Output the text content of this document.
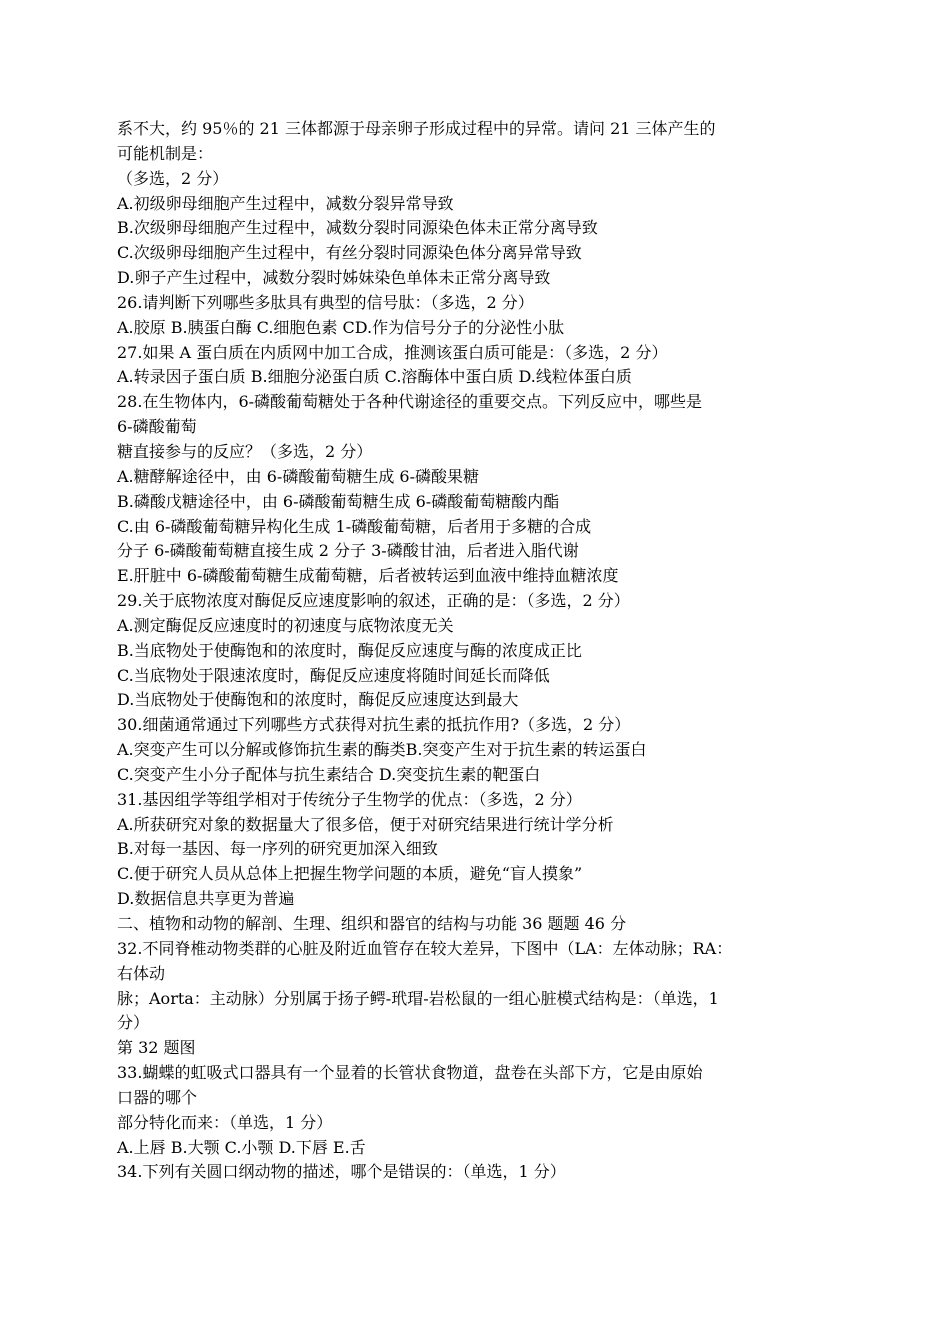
系不大，约 95％的 21 三体都源于母亲卵子形成过程中的异常。请问 21 三体产生的
可能机制是：
（多选，2 分）
A.初级卵母细胞产生过程中，减数分裂异常导致
B.次级卵母细胞产生过程中，减数分裂时同源染色体未正常分离导致
C.次级卵母细胞产生过程中，有丝分裂时同源染色体分离异常导致
D.卵子产生过程中，减数分裂时姊妹染色单体未正常分离导致
26.请判断下列哪些多肽具有典型的信号肽：（多选，2 分）
A.胶原 B.胰蛋白酶 C.细胞色素 CD.作为信号分子的分泌性小肽
27.如果 A 蛋白质在内质网中加工合成，推测该蛋白质可能是：（多选，2 分）
A.转录因子蛋白质 B.细胞分泌蛋白质 C.溶酶体中蛋白质 D.线粒体蛋白质
28.在生物体内，6-磷酸葡萄糖处于各种代谢途径的重要交点。下列反应中，哪些是
6-磷酸葡萄
糖直接参与的反应？（多选，2 分）
A.糖酵解途径中，由 6-磷酸葡萄糖生成 6-磷酸果糖
B.磷酸戊糖途径中，由 6-磷酸葡萄糖生成 6-磷酸葡萄糖酸内酯
C.由 6-磷酸葡萄糖异构化生成 1-磷酸葡萄糖，后者用于多糖的合成
分子 6-磷酸葡萄糖直接生成 2 分子 3-磷酸甘油，后者进入脂代谢
E.肝脏中 6-磷酸葡萄糖生成葡萄糖，后者被转运到血液中维持血糖浓度
29.关于底物浓度对酶促反应速度影响的叙述，正确的是：（多选，2 分）
A.测定酶促反应速度时的初速度与底物浓度无关
B.当底物处于使酶饱和的浓度时，酶促反应速度与酶的浓度成正比
C.当底物处于限速浓度时，酶促反应速度将随时间延长而降低
D.当底物处于使酶饱和的浓度时，酶促反应速度达到最大
30.细菌通常通过下列哪些方式获得对抗生素的抵抗作用?（多选，2 分）
A.突变产生可以分解或修饰抗生素的酶类B.突变产生对于抗生素的转运蛋白
C.突变产生小分子配体与抗生素结合 D.突变抗生素的靶蛋白
31.基因组学等组学相对于传统分子生物学的优点：（多选，2 分）
A.所获研究对象的数据量大了很多倍，便于对研究结果进行统计学分析
B.对每一基因、每一序列的研究更加深入细致
C.便于研究人员从总体上把握生物学问题的本质，避免“盲人摸象”
D.数据信息共享更为普遍
二、植物和动物的解剖、生理、组织和器官的结构与功能 36 题题 46 分
32.不同脊椎动物类群的心脏及附近血管存在较大差异，下图中（LA：左体动脉；RA：
右体动
脉；Aorta：主动脉）分别属于扬子鳄-玳瑁-岩松鼠的一组心脏模式结构是：（单选，1
分）
第 32 题图
33.蝴蝶的虹吸式口器具有一个显着的长管状食物道，盘卷在头部下方，它是由原始
口器的哪个
部分特化而来：（单选，1 分）
A.上唇 B.大颚 C.小颚 D.下唇 E.舌
34.下列有关圆口纲动物的描述，哪个是错误的：（单选，1 分）
